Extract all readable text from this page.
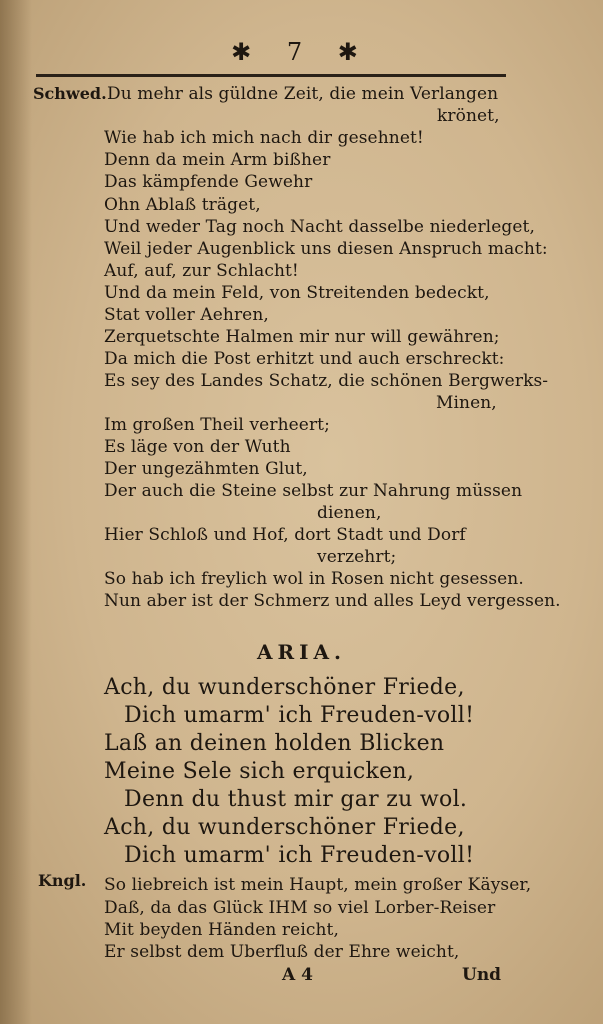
✱ 7 ✱
Schwed. Du mehr als güldne Zeit, die mein Verlangen
krönet,
Wie hab ich mich nach dir gesehnet!
Denn da mein Arm bißher
Das kämpfende Gewehr
Ohn Ablaß träget,
Und weder Tag noch Nacht dasselbe niederleget,
Weil jeder Augenblick uns diesen Anspruch macht:
Auf, auf, zur Schlacht!
Und da mein Feld, von Streitenden bedeckt,
Stat voller Aehren,
Zerquetschte Halmen mir nur will gewähren;
Da mich die Post erhitzt und auch erschreckt:
Es sey des Landes Schatz, die schönen Bergwerks-
Minen,
Im großen Theil verheert;
Es läge von der Wuth
Der ungezähmten Glut,
Der auch die Steine selbst zur Nahrung müssen
dienen,
Hier Schloß und Hof, dort Stadt und Dorf
verzehrt;
So hab ich freylich wol in Rosen nicht gesessen.
Nun aber ist der Schmerz und alles Leyd vergessen.
ARIA.
Ach, du wunderschöner Friede,
Dich umarm' ich Freuden-voll!
Laß an deinen holden Blicken
Meine Sele sich erquicken,
Denn du thust mir gar zu wol.
Ach, du wunderschöner Friede,
Dich umarm' ich Freuden-voll!
Kngl. So liebreich ist mein Haupt, mein großer Käyser,
Daß, da das Glück IHM so viel Lorber-Reiser
Mit beyden Händen reicht,
Er selbst dem Uberfluß der Ehre weicht,
A 4	Und
